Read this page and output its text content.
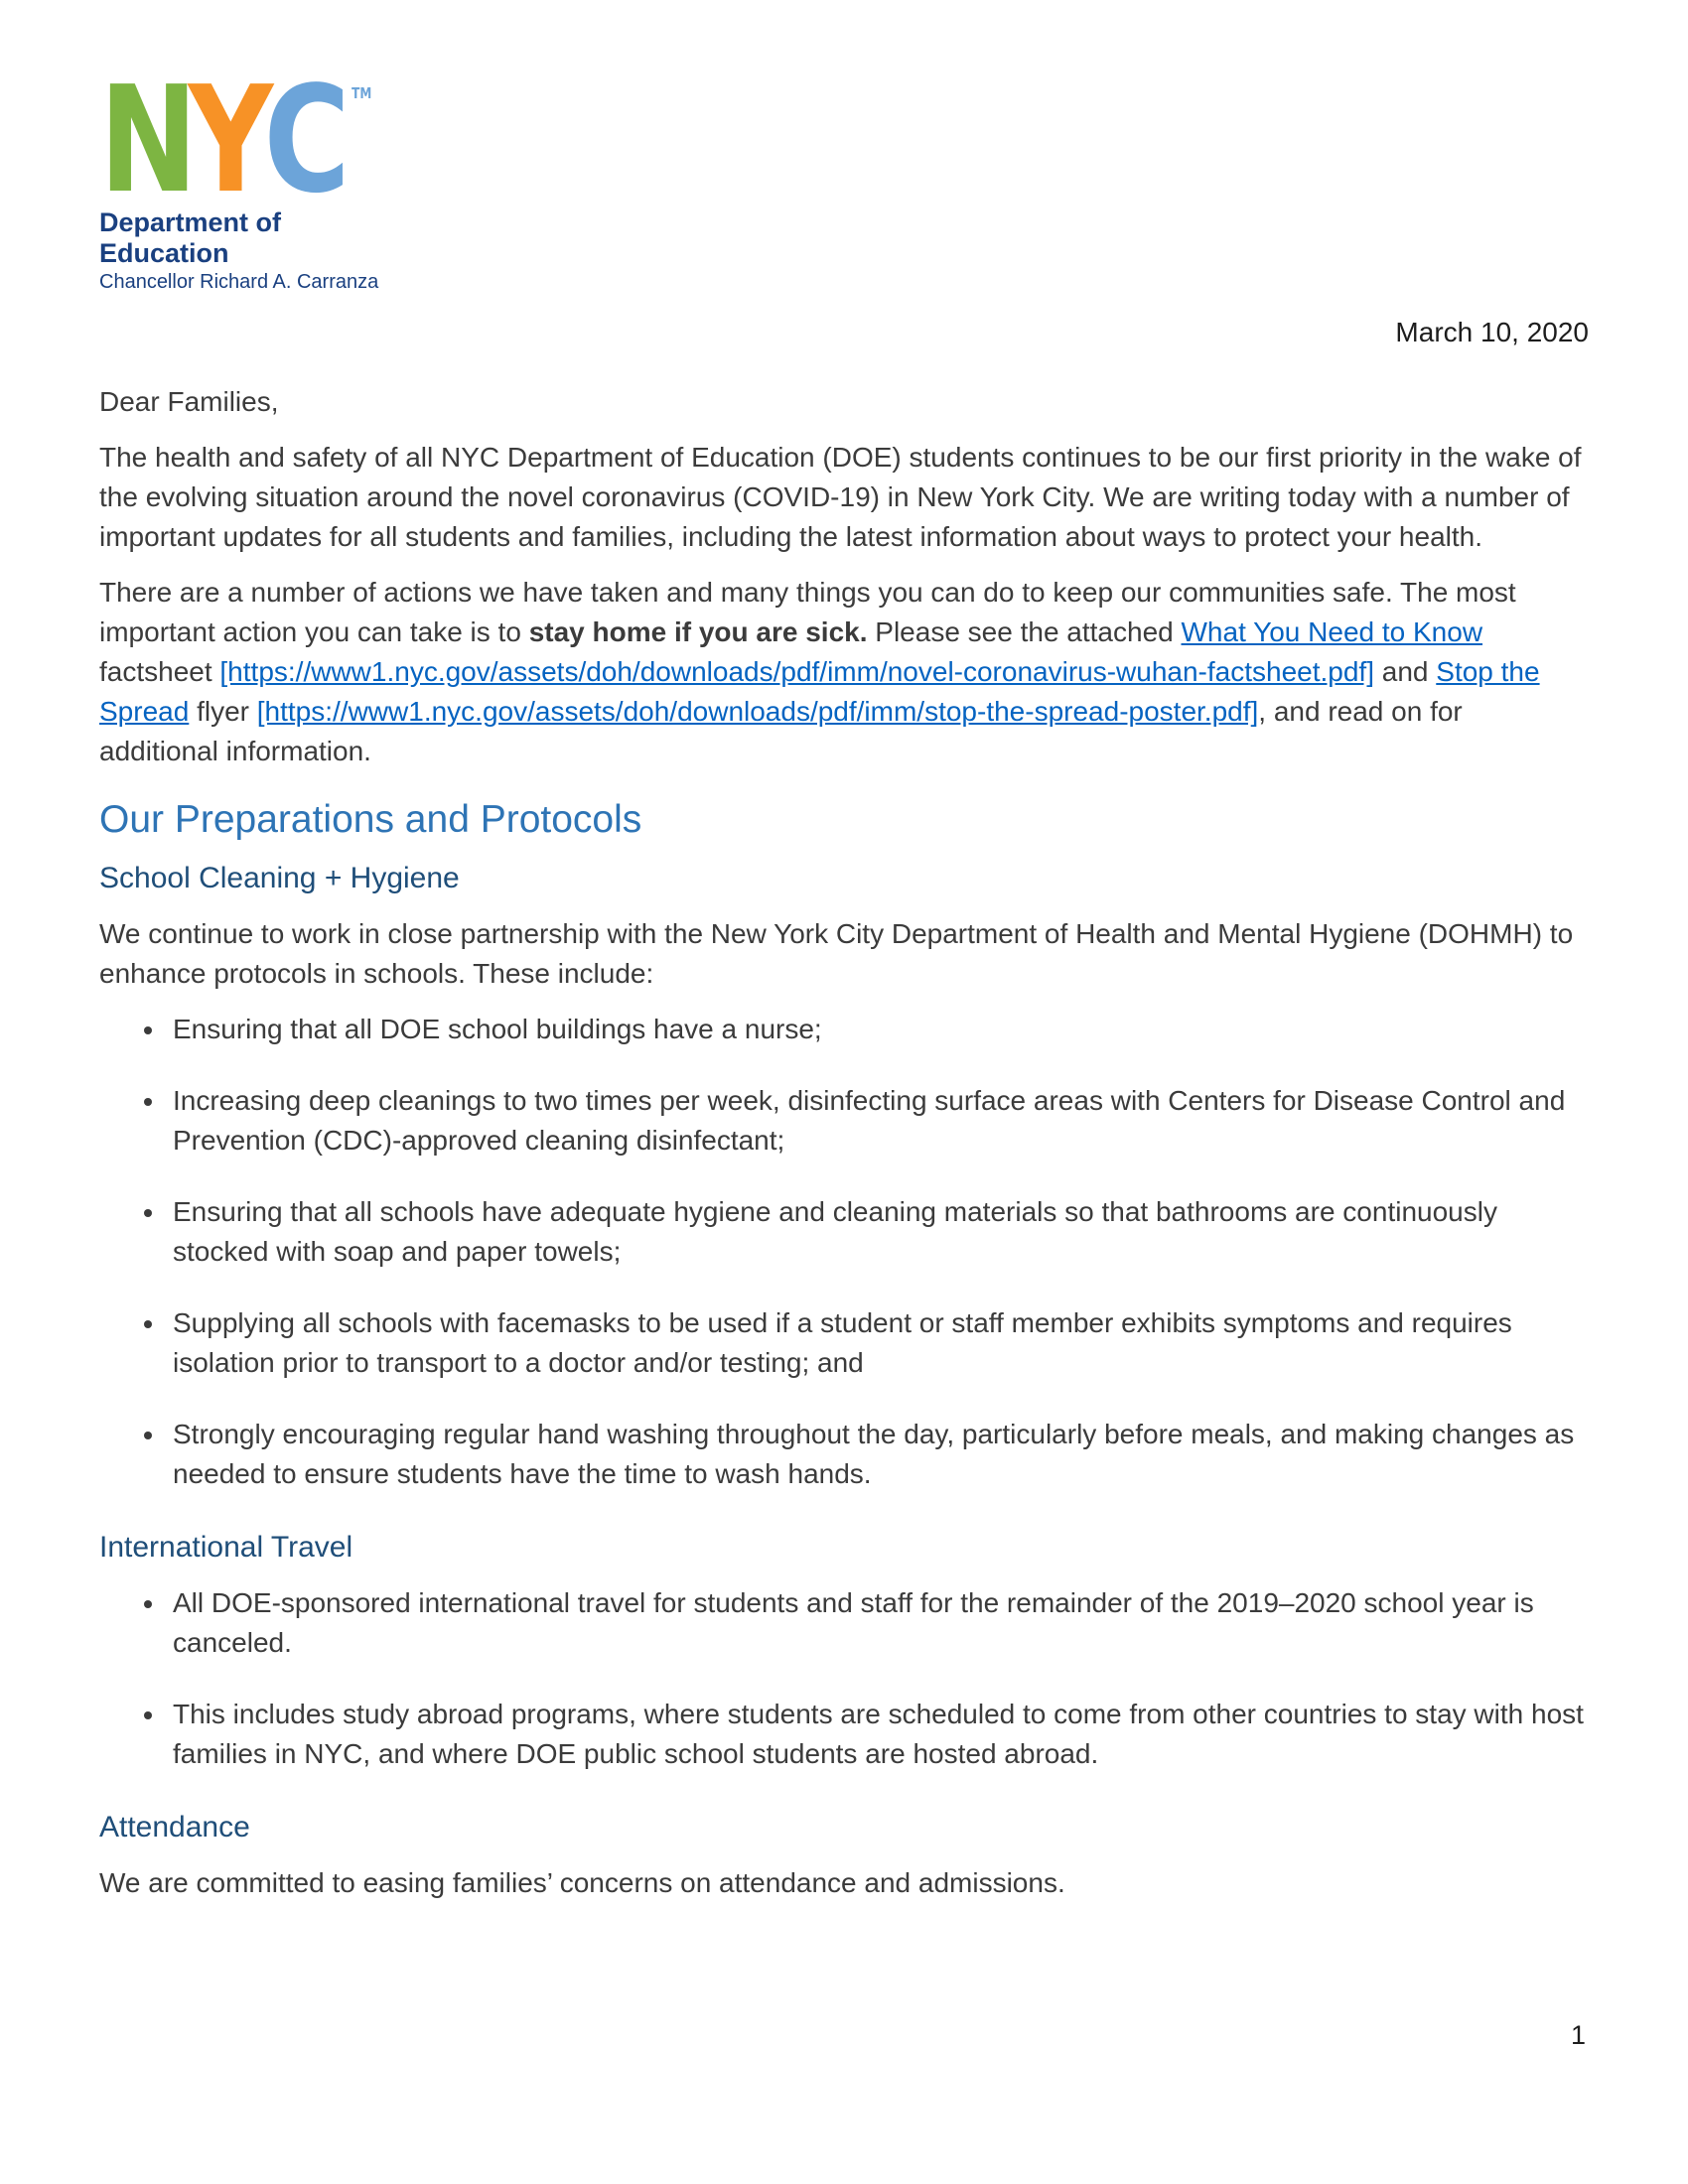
N Y C TM
Department of
Education
Chancellor Richard A. Carranza
March 10, 2020

Dear Families,

The health and safety of all NYC Department of Education (DOE) students continues to be our first priority in the wake of the evolving situation around the novel coronavirus (COVID-19) in New York City. We are writing today with a number of important updates for all students and families, including the latest information about ways to protect your health.

There are a number of actions we have taken and many things you can do to keep our communities safe. The most important action you can take is to stay home if you are sick. Please see the attached What You Need to Know factsheet [https://www1.nyc.gov/assets/doh/downloads/pdf/imm/novel-coronavirus-wuhan-factsheet.pdf] and Stop the Spread flyer [https://www1.nyc.gov/assets/doh/downloads/pdf/imm/stop-the-spread-poster.pdf], and read on for additional information.

Our Preparations and Protocols
School Cleaning + Hygiene

We continue to work in close partnership with the New York City Department of Health and Mental Hygiene (DOHMH) to enhance protocols in schools. These include:

• Ensuring that all DOE school buildings have a nurse;
• Increasing deep cleanings to two times per week, disinfecting surface areas with Centers for Disease Control and Prevention (CDC)-approved cleaning disinfectant;
• Ensuring that all schools have adequate hygiene and cleaning materials so that bathrooms are continuously stocked with soap and paper towels;
• Supplying all schools with facemasks to be used if a student or staff member exhibits symptoms and requires isolation prior to transport to a doctor and/or testing; and
• Strongly encouraging regular hand washing throughout the day, particularly before meals, and making changes as needed to ensure students have the time to wash hands.
International Travel
• All DOE-sponsored international travel for students and staff for the remainder of the 2019–2020 school year is canceled.
• This includes study abroad programs, where students are scheduled to come from other countries to stay with host families in NYC, and where DOE public school students are hosted abroad.
Attendance

We are committed to easing families’ concerns on attendance and admissions.

1
